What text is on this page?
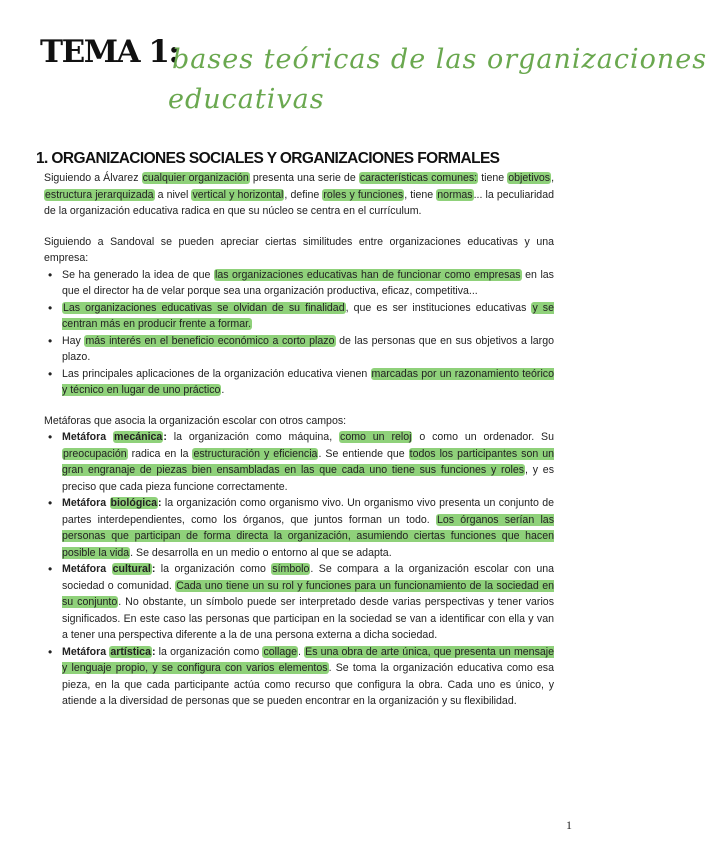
TEMA 1:
bases teóricas de las organizaciones
educativas
1. ORGANIZACIONES SOCIALES Y ORGANIZACIONES FORMALES

Siguiendo a Álvarez cualquier organización presenta una serie de características comunes: tiene objetivos, estructura jerarquizada a nivel vertical y horizontal, define roles y funciones, tiene normas... la peculiaridad de la organización educativa radica en que su núcleo se centra en el currículum.

Siguiendo a Sandoval se pueden apreciar ciertas similitudes entre organizaciones educativas y una empresa:

• Se ha generado la idea de que las organizaciones educativas han de funcionar como empresas en las que el director ha de velar porque sea una organización productiva, eficaz, competitiva...
• Las organizaciones educativas se olvidan de su finalidad, que es ser instituciones educativas y se centran más en producir frente a formar.
• Hay más interés en el beneficio económico a corto plazo de las personas que en sus objetivos a largo plazo.
• Las principales aplicaciones de la organización educativa vienen marcadas por un razonamiento teórico y técnico en lugar de uno práctico.

Metáforas que asocia la organización escolar con otros campos:

• Metáfora mecánica: la organización como máquina, como un reloj o como un ordenador. Su preocupación radica en la estructuración y eficiencia. Se entiende que todos los participantes son un gran engranaje de piezas bien ensambladas en las que cada uno tiene sus funciones y roles, y es preciso que cada pieza funcione correctamente.
• Metáfora biológica: la organización como organismo vivo. Un organismo vivo presenta un conjunto de partes interdependientes, como los órganos, que juntos forman un todo. Los órganos serían las personas que participan de forma directa la organización, asumiendo ciertas funciones que hacen posible la vida. Se desarrolla en un medio o entorno al que se adapta.
• Metáfora cultural: la organización como símbolo. Se compara a la organización escolar con una sociedad o comunidad. Cada uno tiene un su rol y funciones para un funcionamiento de la sociedad en su conjunto. No obstante, un símbolo puede ser interpretado desde varias perspectivas y tener varios significados. En este caso las personas que participan en la sociedad se van a identificar con ella y van a tener una perspectiva diferente a la de una persona externa a dicha sociedad.
• Metáfora artística: la organización como collage. Es una obra de arte única, que presenta un mensaje y lenguaje propio, y se configura con varios elementos. Se toma la organización educativa como esa pieza, en la que cada participante actúa como recurso que configura la obra. Cada uno es único, y atiende a la diversidad de personas que se pueden encontrar en la organización y su flexibilidad.
1
